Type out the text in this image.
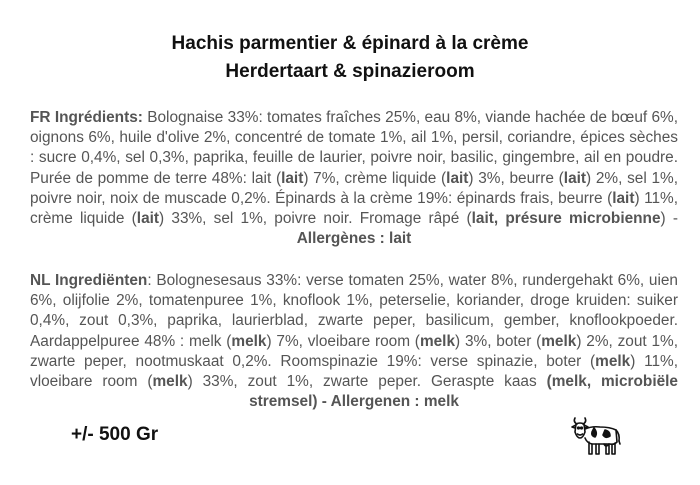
Hachis parmentier & épinard à la crème
Herdertaart & spinazieroom

FR Ingrédients: Bolognaise 33%: tomates fraîches 25%, eau 8%, viande hachée de bœuf 6%, oignons 6%, huile d'olive 2%, concentré de tomate 1%, ail 1%, persil, coriandre, épices sèches : sucre 0,4%, sel 0,3%, paprika, feuille de laurier, poivre noir, basilic, gingembre, ail en poudre. Purée de pomme de terre 48%: lait (lait) 7%, crème liquide (lait) 3%, beurre (lait) 2%, sel 1%, poivre noir, noix de muscade 0,2%. Épinards à la crème 19%: épinards frais, beurre (lait) 11%, crème liquide (lait) 33%, sel 1%, poivre noir. Fromage râpé (lait, présure microbienne) - Allergènes : lait

NL Ingrediënten: Bolognesesaus 33%: verse tomaten 25%, water 8%, rundergehakt 6%, uien 6%, olijfolie 2%, tomatenpuree 1%, knoflook 1%, peterselie, koriander, droge kruiden: suiker 0,4%, zout 0,3%, paprika, laurierblad, zwarte peper, basilicum, gember, knoflookpoeder. Aardappelpuree 48% : melk (melk) 7%, vloeibare room (melk) 3%, boter (melk) 2%, zout 1%, zwarte peper, nootmuskaat 0,2%. Roomspinazie 19%: verse spinazie, boter (melk) 11%, vloeibare room (melk) 33%, zout 1%, zwarte peper. Geraspte kaas (melk, microbiële stremsel) - Allergenen : melk

+/- 500 Gr
